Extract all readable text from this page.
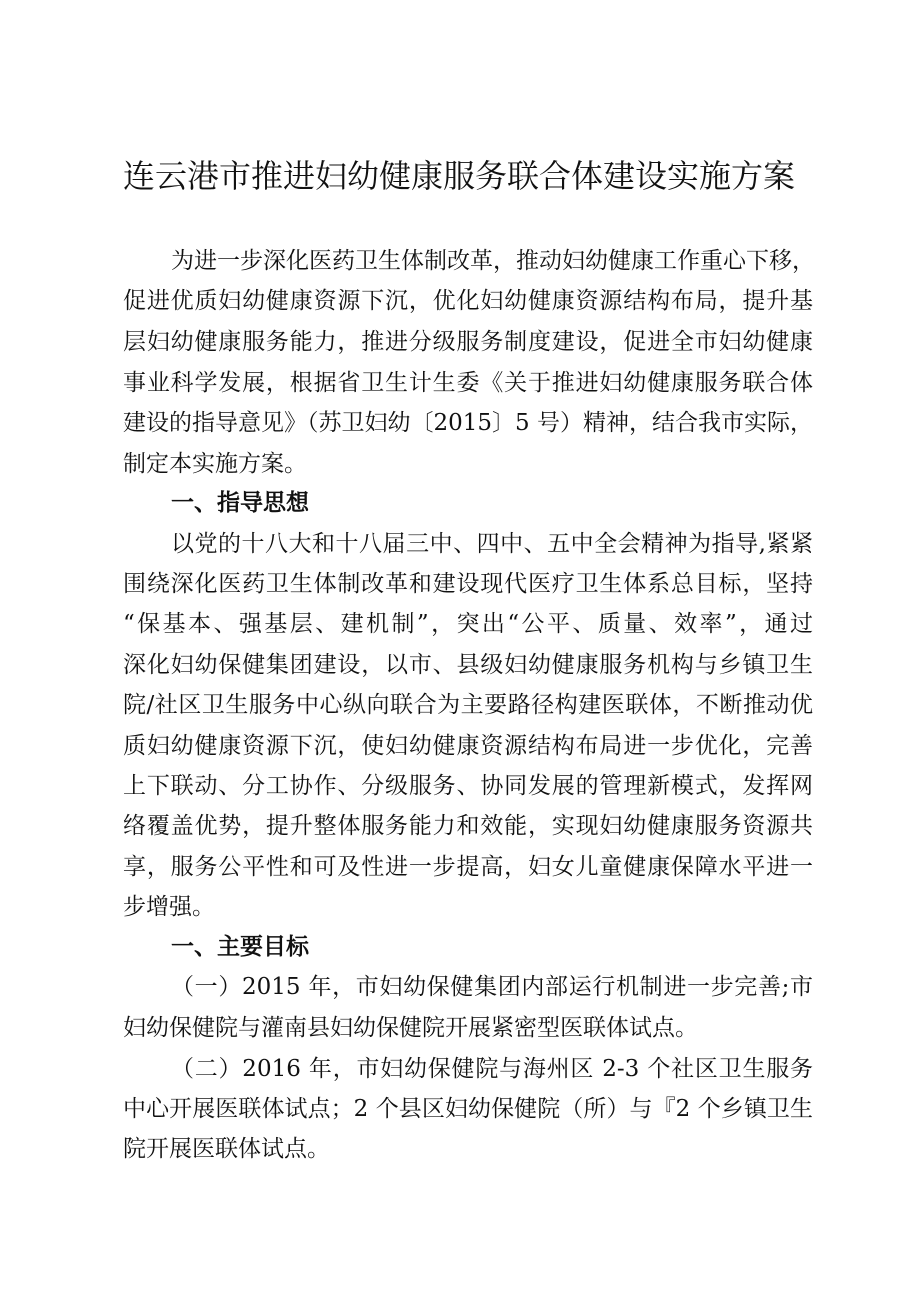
连云港市推进妇幼健康服务联合体建设实施方案

为进一步深化医药卫生体制改革，推动妇幼健康工作重心下移，

促进优质妇幼健康资源下沉，优化妇幼健康资源结构布局，提升基

层妇幼健康服务能力，推进分级服务制度建设，促进全市妇幼健康

事业科学发展，根据省卫生计生委《关于推进妇幼健康服务联合体

建设的指导意见》（苏卫妇幼〔2015〕5 号）精神，结合我市实际，

制定本实施方案。

一、指导思想

以党的十八大和十八届三中、四中、五中全会精神为指导,紧紧

围绕深化医药卫生体制改革和建设现代医疗卫生体系总目标，坚持

“保基本、强基层、建机制”，突出“公平、质量、效率”，通过

深化妇幼保健集团建设，以市、县级妇幼健康服务机构与乡镇卫生

院/社区卫生服务中心纵向联合为主要路径构建医联体，不断推动优

质妇幼健康资源下沉，使妇幼健康资源结构布局进一步优化，完善

上下联动、分工协作、分级服务、协同发展的管理新模式，发挥网

络覆盖优势，提升整体服务能力和效能，实现妇幼健康服务资源共

享，服务公平性和可及性进一步提高，妇女儿童健康保障水平进一

步增强。

一、主要目标

（一）2015 年，市妇幼保健集团内部运行机制进一步完善;市

妇幼保健院与灌南县妇幼保健院开展紧密型医联体试点。

（二）2016 年，市妇幼保健院与海州区 2-3 个社区卫生服务

中心开展医联体试点；2 个县区妇幼保健院（所）与『2 个乡镇卫生

院开展医联体试点。
